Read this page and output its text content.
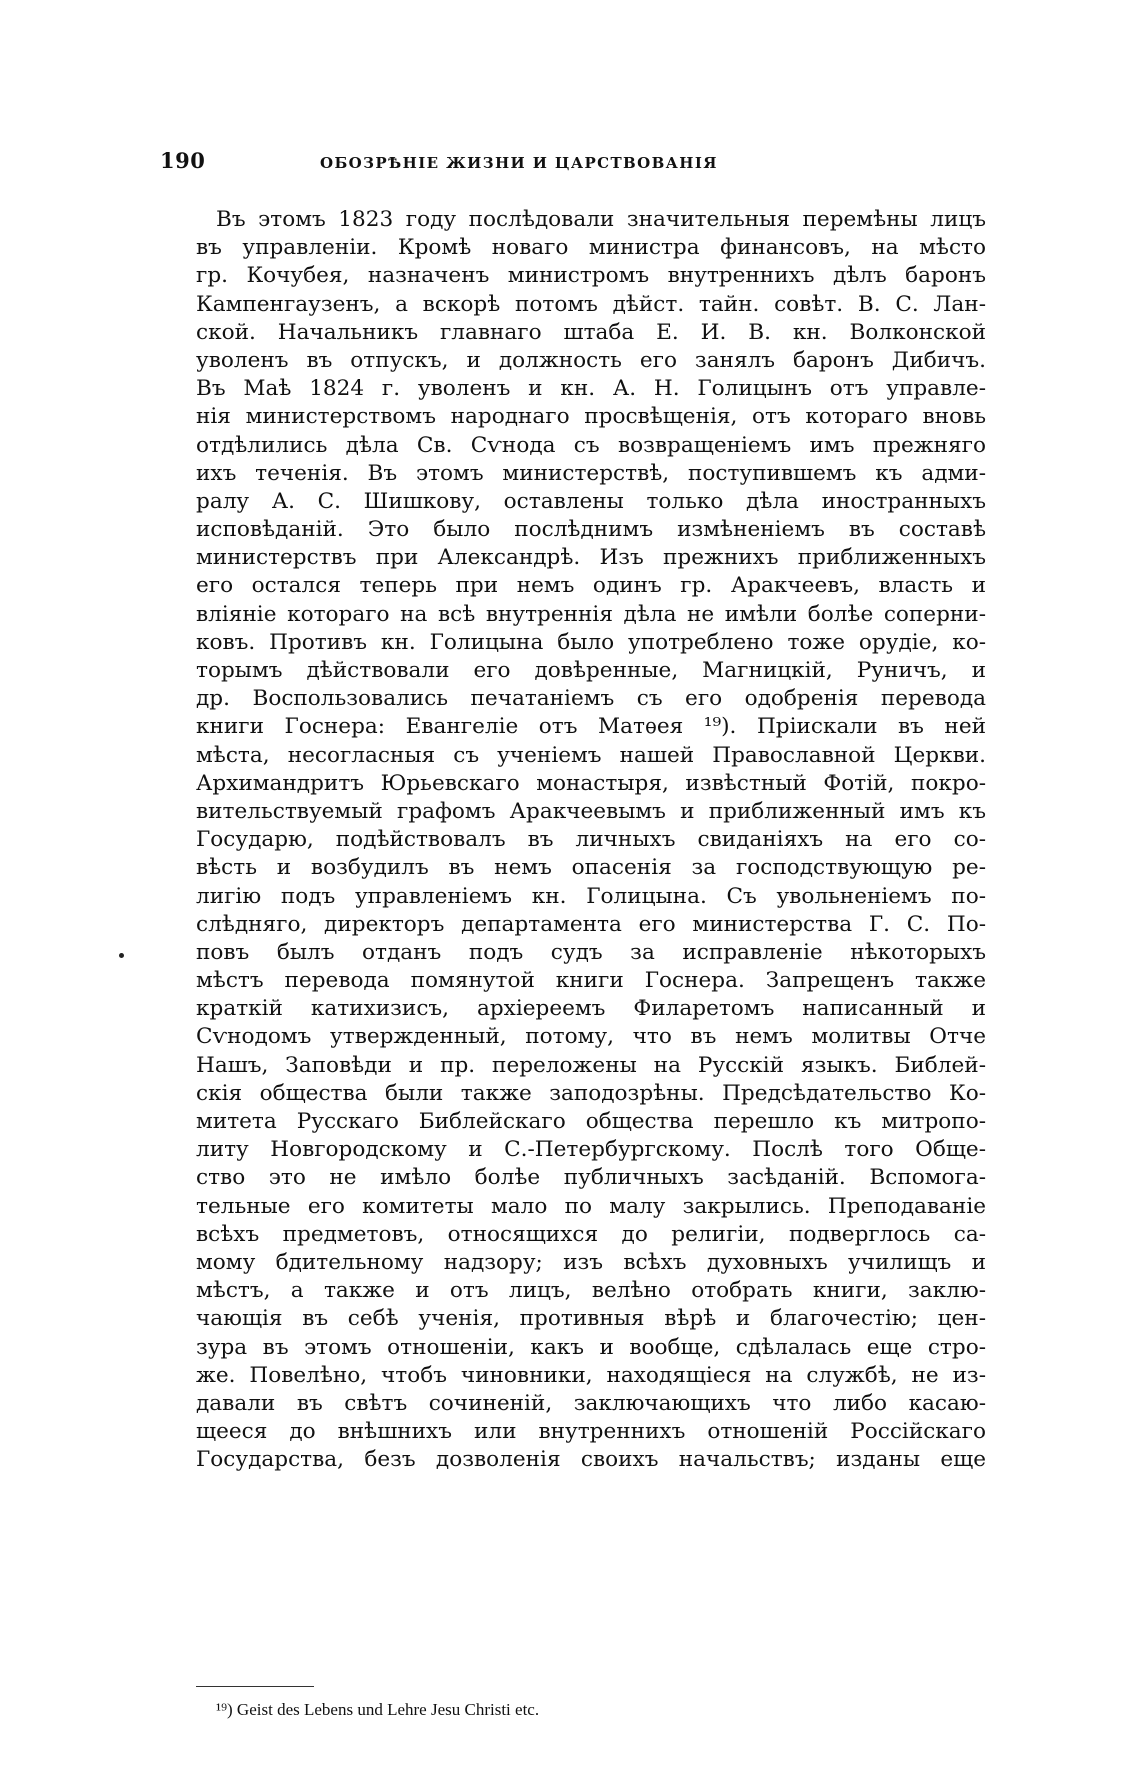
190	ОБОЗРѢНІЕ ЖИЗНИ И ЦАРСТВОВАНІЯ
Въ этомъ 1823 году послѣдовали значительныя перемѣны лицъ
въ управленіи. Кромѣ новаго министра финансовъ, на мѣсто
гр. Кочубея, назначенъ министромъ внутреннихъ дѣлъ баронъ
Кампенгаузенъ, а вскорѣ потомъ дѣйст. тайн. совѣт. В. С. Лан-
ской. Начальникъ главнаго штаба Е. И. В. кн. Волконской
уволенъ въ отпускъ, и должность его занялъ баронъ Дибичъ.
Въ Маѣ 1824 г. уволенъ и кн. А. Н. Голицынъ отъ управле-
нія министерствомъ народнаго просвѣщенія, отъ котораго вновь
отдѣлились дѣла Св. Сѵнода съ возвращеніемъ имъ прежняго
ихъ теченія. Въ этомъ министерствѣ, поступившемъ къ адми-
ралу А. С. Шишкову, оставлены только дѣла иностранныхъ
исповѣданій. Это было послѣднимъ измѣненіемъ въ составѣ
министерствъ при Александрѣ. Изъ прежнихъ приближенныхъ
его остался теперь при немъ одинъ гр. Аракчеевъ, власть и
вліяніе котораго на всѣ внутреннія дѣла не имѣли болѣе соперни-
ковъ. Противъ кн. Голицына было употреблено тоже орудіе, ко-
торымъ дѣйствовали его довѣренные, Магницкій, Руничъ, и
др. Воспользовались печатаніемъ съ его одобренія перевода
книги Госнера: Евангеліе отъ Матѳея ¹⁹). Пріискали въ ней
мѣста, несогласныя съ ученіемъ нашей Православной Церкви.
Архимандритъ Юрьевскаго монастыря, извѣстный Фотій, покро-
вительствуемый графомъ Аракчеевымъ и приближенный имъ къ
Государю, подѣйствовалъ въ личныхъ свиданіяхъ на его со-
вѣсть и возбудилъ въ немъ опасенія за господствующую ре-
лигію подъ управленіемъ кн. Голицына. Съ увольненіемъ по-
слѣдняго, директоръ департамента его министерства Г. С. По-
повъ былъ отданъ подъ судъ за исправленіе нѣкоторыхъ
мѣстъ перевода помянутой книги Госнера. Запрещенъ также
краткій катихизисъ, архіереемъ Филаретомъ написанный и
Сѵнодомъ утвержденный, потому, что въ немъ молитвы Отче
Нашъ, Заповѣди и пр. переложены на Русскій языкъ. Библей-
скія общества были также заподозрѣны. Предсѣдательство Ко-
митета Русскаго Библейскаго общества перешло къ митропо-
литу Новгородскому и С.-Петербургскому. Послѣ того Обще-
ство это не имѣло болѣе публичныхъ засѣданій. Вспомога-
тельные его комитеты мало по малу закрылись. Преподаваніе
всѣхъ предметовъ, относящихся до религіи, подверглось са-
мому бдительному надзору; изъ всѣхъ духовныхъ училищъ и
мѣстъ, а также и отъ лицъ, велѣно отобрать книги, заклю-
чающія въ себѣ ученія, противныя вѣрѣ и благочестію; цен-
зура въ этомъ отношеніи, какъ и вообще, сдѣлалась еще стро-
же. Повелѣно, чтобъ чиновники, находящіеся на службѣ, не из-
давали въ свѣтъ сочиненій, заключающихъ что либо касаю-
щееся до внѣшнихъ или внутреннихъ отношеній Россійскаго
Государства, безъ дозволенія своихъ начальствъ; изданы еще
¹⁹) Geist des Lebens und Lehre Jesu Christi etc.
